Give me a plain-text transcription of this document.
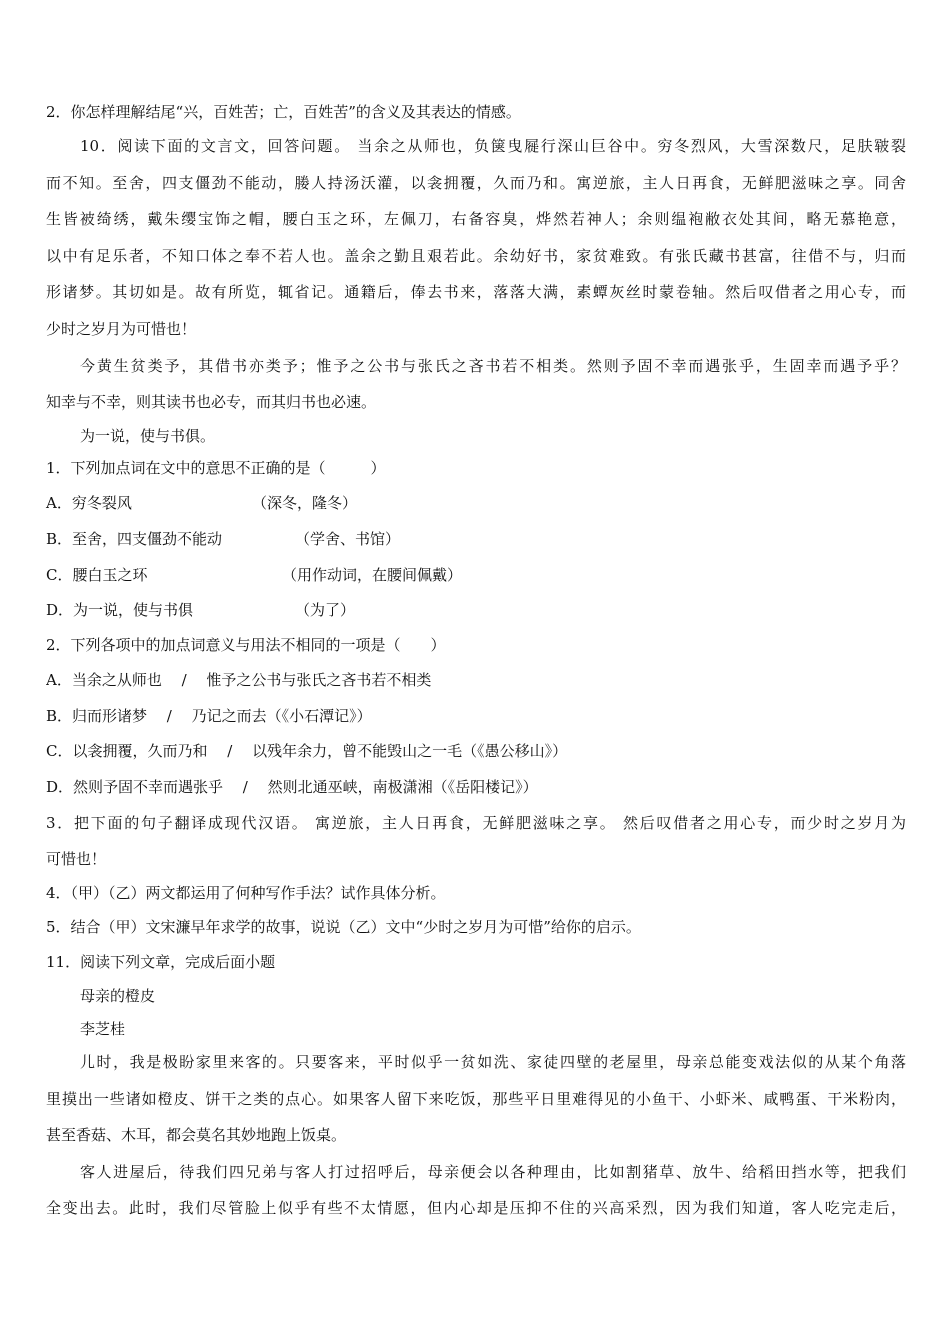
2．你怎样理解结尾“兴，百姓苦；亡，百姓苦”的含义及其表达的情感。
10．阅读下面的文言文，回答问题。 当余之从师也，负箧曳屣行深山巨谷中。穷冬烈风，大雪深数尺，足肤皲裂
而不知。至舍，四支僵劲不能动，媵人持汤沃灌，以衾拥覆，久而乃和。寓逆旅，主人日再食，无鲜肥滋味之享。同舍
生皆被绮绣，戴朱缨宝饰之帽，腰白玉之环，左佩刀，右备容臭，烨然若神人；余则缊袍敝衣处其间，略无慕艳意，
以中有足乐者，不知口体之奉不若人也。盖余之勤且艰若此。余幼好书，家贫难致。有张氏藏书甚富，往借不与，归而
形诸梦。其切如是。故有所览，辄省记。通籍后，俸去书来，落落大满，素蟫灰丝时蒙卷轴。然后叹借者之用心专，而
少时之岁月为可惜也！
今黄生贫类予，其借书亦类予；惟予之公书与张氏之吝书若不相类。然则予固不幸而遇张乎，生固幸而遇予乎？
知幸与不幸，则其读书也必专，而其归书也必速。
为一说，使与书俱。
1．下列加点词在文中的意思不正确的是（　　　）
A．穷冬裂风	（深冬，隆冬）
B．至舍，四支僵劲不能动	（学舍、书馆）
C．腰白玉之环	（用作动词，在腰间佩戴）
D．为一说，使与书俱	（为了）
2．下列各项中的加点词意义与用法不相同的一项是（　　）
A．当余之从师也　 /　 惟予之公书与张氏之吝书若不相类
B．归而形诸梦　 /　 乃记之而去（《小石潭记》）
C．以衾拥覆，久而乃和　 /　 以残年余力，曾不能毁山之一毛（《愚公移山》）
D．然则予固不幸而遇张乎　 /　 然则北通巫峡，南极潇湘（《岳阳楼记》）
3．把下面的句子翻译成现代汉语。 寓逆旅，主人日再食，无鲜肥滋味之享。 然后叹借者之用心专，而少时之岁月为
可惜也！
4．（甲）（乙）两文都运用了何种写作手法？试作具体分析。
5．结合（甲）文宋濂早年求学的故事，说说（乙）文中“少时之岁月为可惜”给你的启示。
11．阅读下列文章，完成后面小题
母亲的橙皮
李芝桂
儿时，我是极盼家里来客的。只要客来，平时似乎一贫如洗、家徒四壁的老屋里，母亲总能变戏法似的从某个角落
里摸出一些诸如橙皮、饼干之类的点心。如果客人留下来吃饭，那些平日里难得见的小鱼干、小虾米、咸鸭蛋、干米粉肉，
甚至香菇、木耳，都会莫名其妙地跑上饭桌。
客人进屋后，待我们四兄弟与客人打过招呼后，母亲便会以各种理由，比如割猪草、放牛、给稻田挡水等，把我们
全变出去。此时，我们尽管脸上似乎有些不太情愿，但内心却是压抑不住的兴高采烈，因为我们知道，客人吃完走后，
